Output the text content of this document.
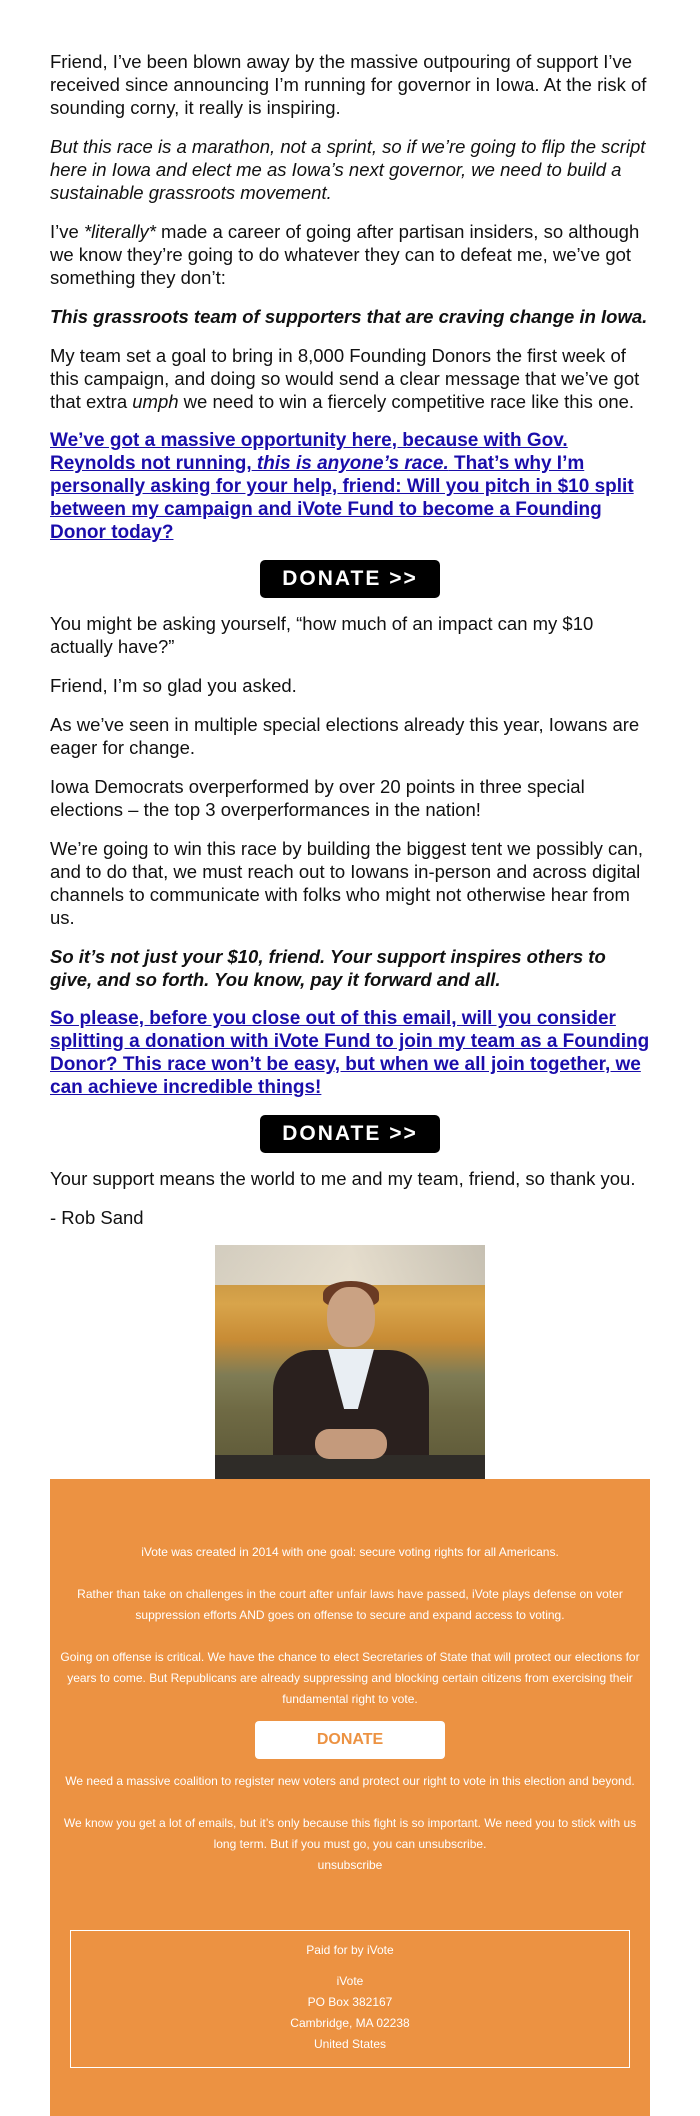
Friend, I’ve been blown away by the massive outpouring of support I’ve received since announcing I’m running for governor in Iowa. At the risk of sounding corny, it really is inspiring.

But this race is a marathon, not a sprint, so if we’re going to flip the script here in Iowa and elect me as Iowa’s next governor, we need to build a sustainable grassroots movement.

I’ve *literally* made a career of going after partisan insiders, so although we know they’re going to do whatever they can to defeat me, we’ve got something they don’t:

This grassroots team of supporters that are craving change in Iowa.

My team set a goal to bring in 8,000 Founding Donors the first week of this campaign, and doing so would send a clear message that we’ve got that extra umph we need to win a fiercely competitive race like this one.

We’ve got a massive opportunity here, because with Gov. Reynolds not running, this is anyone’s race. That’s why I’m personally asking for your help, friend: Will you pitch in $10 split between my campaign and iVote Fund to become a Founding Donor today?

DONATE >>

You might be asking yourself, “how much of an impact can my $10 actually have?”

Friend, I’m so glad you asked.

As we’ve seen in multiple special elections already this year, Iowans are eager for change.

Iowa Democrats overperformed by over 20 points in three special elections – the top 3 overperformances in the nation!

We’re going to win this race by building the biggest tent we possibly can, and to do that, we must reach out to Iowans in-person and across digital channels to communicate with folks who might not otherwise hear from us.

So it’s not just your $10, friend. Your support inspires others to give, and so forth. You know, pay it forward and all.

So please, before you close out of this email, will you consider splitting a donation with iVote Fund to join my team as a Founding Donor? This race won’t be easy, but when we all join together, we can achieve incredible things!

DONATE >>

Your support means the world to me and my team, friend, so thank you.

- Rob Sand

iVote was created in 2014 with one goal: secure voting rights for all Americans.

Rather than take on challenges in the court after unfair laws have passed, iVote plays defense on voter suppression efforts AND goes on offense to secure and expand access to voting.

Going on offense is critical. We have the chance to elect Secretaries of State that will protect our elections for years to come. But Republicans are already suppressing and blocking certain citizens from exercising their fundamental right to vote.

DONATE

We need a massive coalition to register new voters and protect our right to vote in this election and beyond.

We know you get a lot of emails, but it’s only because this fight is so important. We need you to stick with us long term. But if you must go, you can unsubscribe.

unsubscribe

Paid for by iVote

iVote

PO Box 382167

Cambridge, MA 02238

United States
